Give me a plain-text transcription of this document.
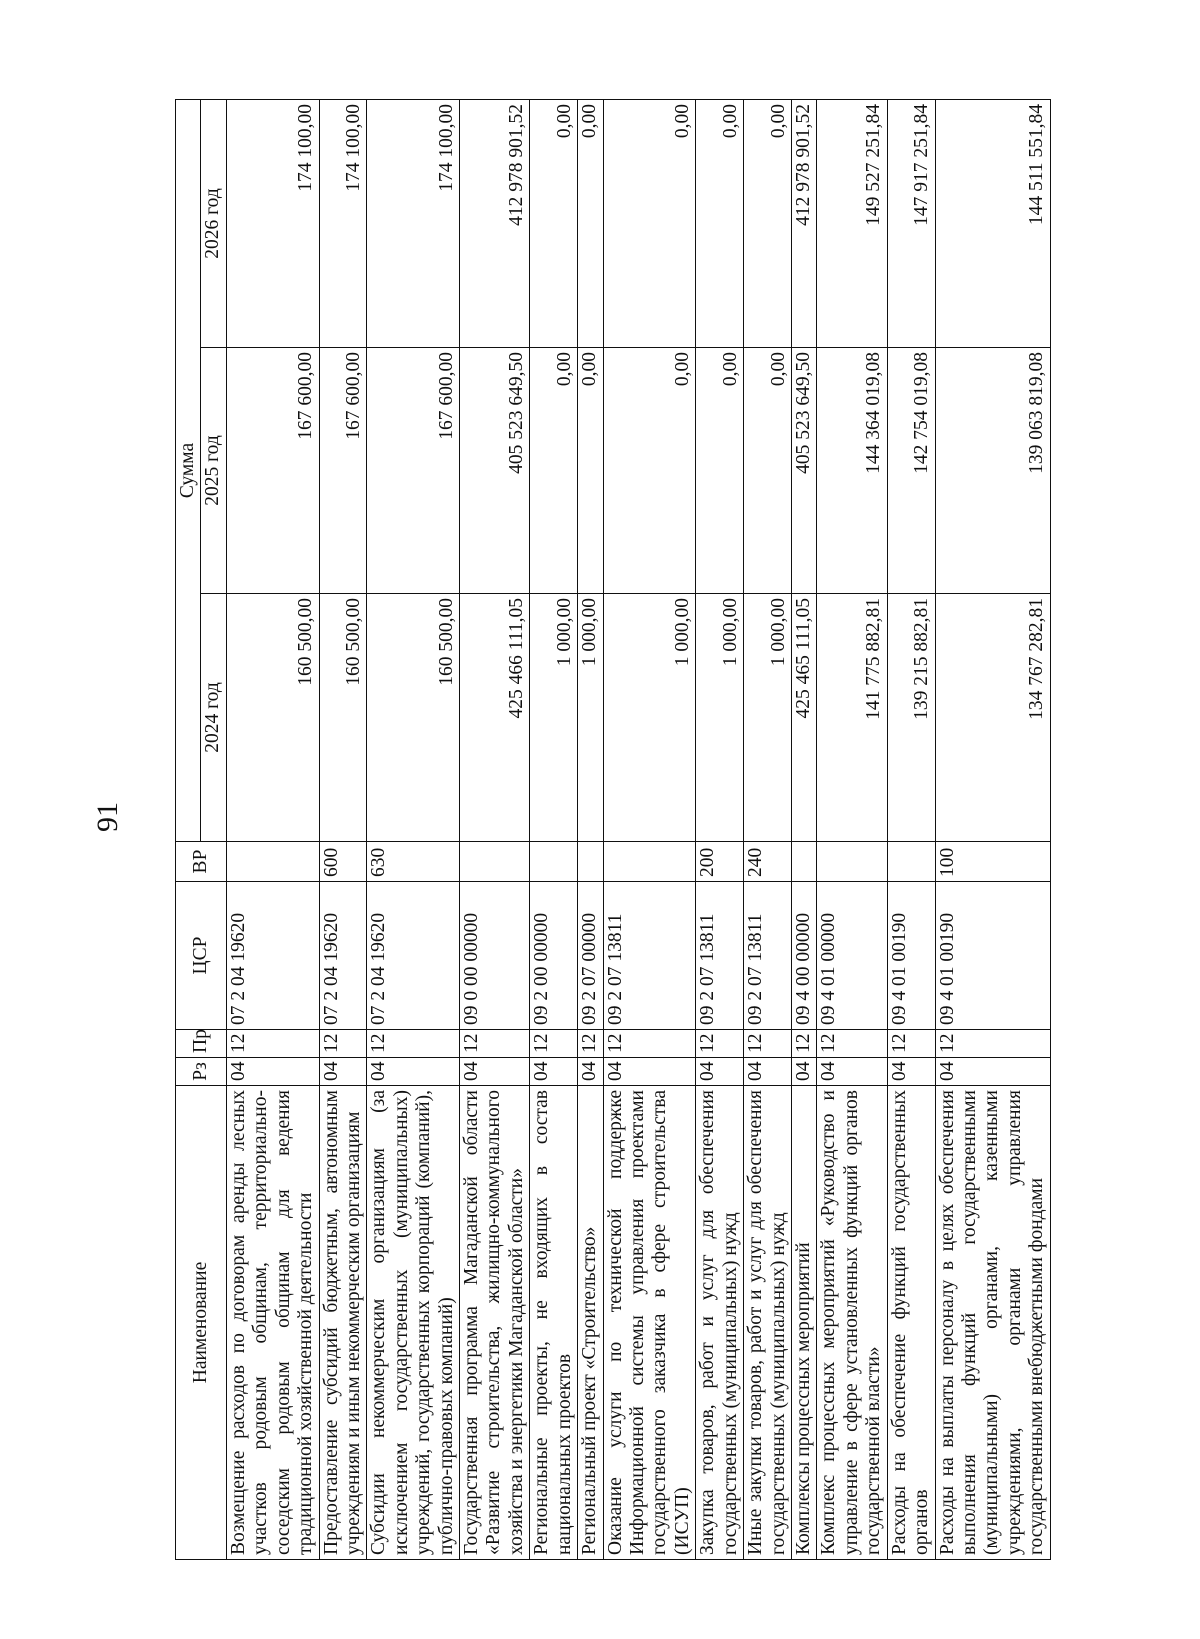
91
Наименование	Рз	Пр	ЦСР	ВР	Сумма		
					2024 год	2025 год	2026 год
Возмещение расходов по договорам аренды лесных участков родовым общинам, территориально-соседским родовым общинам для ведения традиционной хозяйственной деятельности	04	12	07 2 04 19620		160 500,00	167 600,00	174 100,00
Предоставление субсидий бюджетным, автономным учреждениям и иным некоммерческим организациям	04	12	07 2 04 19620	600	160 500,00	167 600,00	174 100,00
Субсидии некоммерческим организациям (за исключением государственных (муниципальных) учреждений, государственных корпораций (компаний), публично-правовых компаний)	04	12	07 2 04 19620	630	160 500,00	167 600,00	174 100,00
Государственная программа Магаданской области «Развитие строительства, жилищно-коммунального хозяйства и энергетики Магаданской области»	04	12	09 0 00 00000		425 466 111,05	405 523 649,50	412 978 901,52
Региональные проекты, не входящих в состав национальных проектов	04	12	09 2 00 00000		1 000,00	0,00	0,00
Региональный проект «Строительство»	04	12	09 2 07 00000		1 000,00	0,00	0,00
Оказание услуги по технической поддержке Информационной системы управления проектами государственного заказчика в сфере строительства (ИСУП)	04	12	09 2 07 13811		1 000,00	0,00	0,00
Закупка товаров, работ и услуг для обеспечения государственных (муниципальных) нужд	04	12	09 2 07 13811	200	1 000,00	0,00	0,00
Иные закупки товаров, работ и услуг для обеспечения государственных (муниципальных) нужд	04	12	09 2 07 13811	240	1 000,00	0,00	0,00
Комплексы процессных мероприятий	04	12	09 4 00 00000		425 465 111,05	405 523 649,50	412 978 901,52
Комплекс процессных мероприятий «Руководство и управление в сфере установленных функций органов государственной власти»	04	12	09 4 01 00000		141 775 882,81	144 364 019,08	149 527 251,84
Расходы на обеспечение функций государственных органов	04	12	09 4 01 00190		139 215 882,81	142 754 019,08	147 917 251,84
Расходы на выплаты персоналу в целях обеспечения выполнения функций государственными (муниципальными) органами, казенными учреждениями, органами управления государственными внебюджетными фондами	04	12	09 4 01 00190	100	134 767 282,81	139 063 819,08	144 511 551,84
